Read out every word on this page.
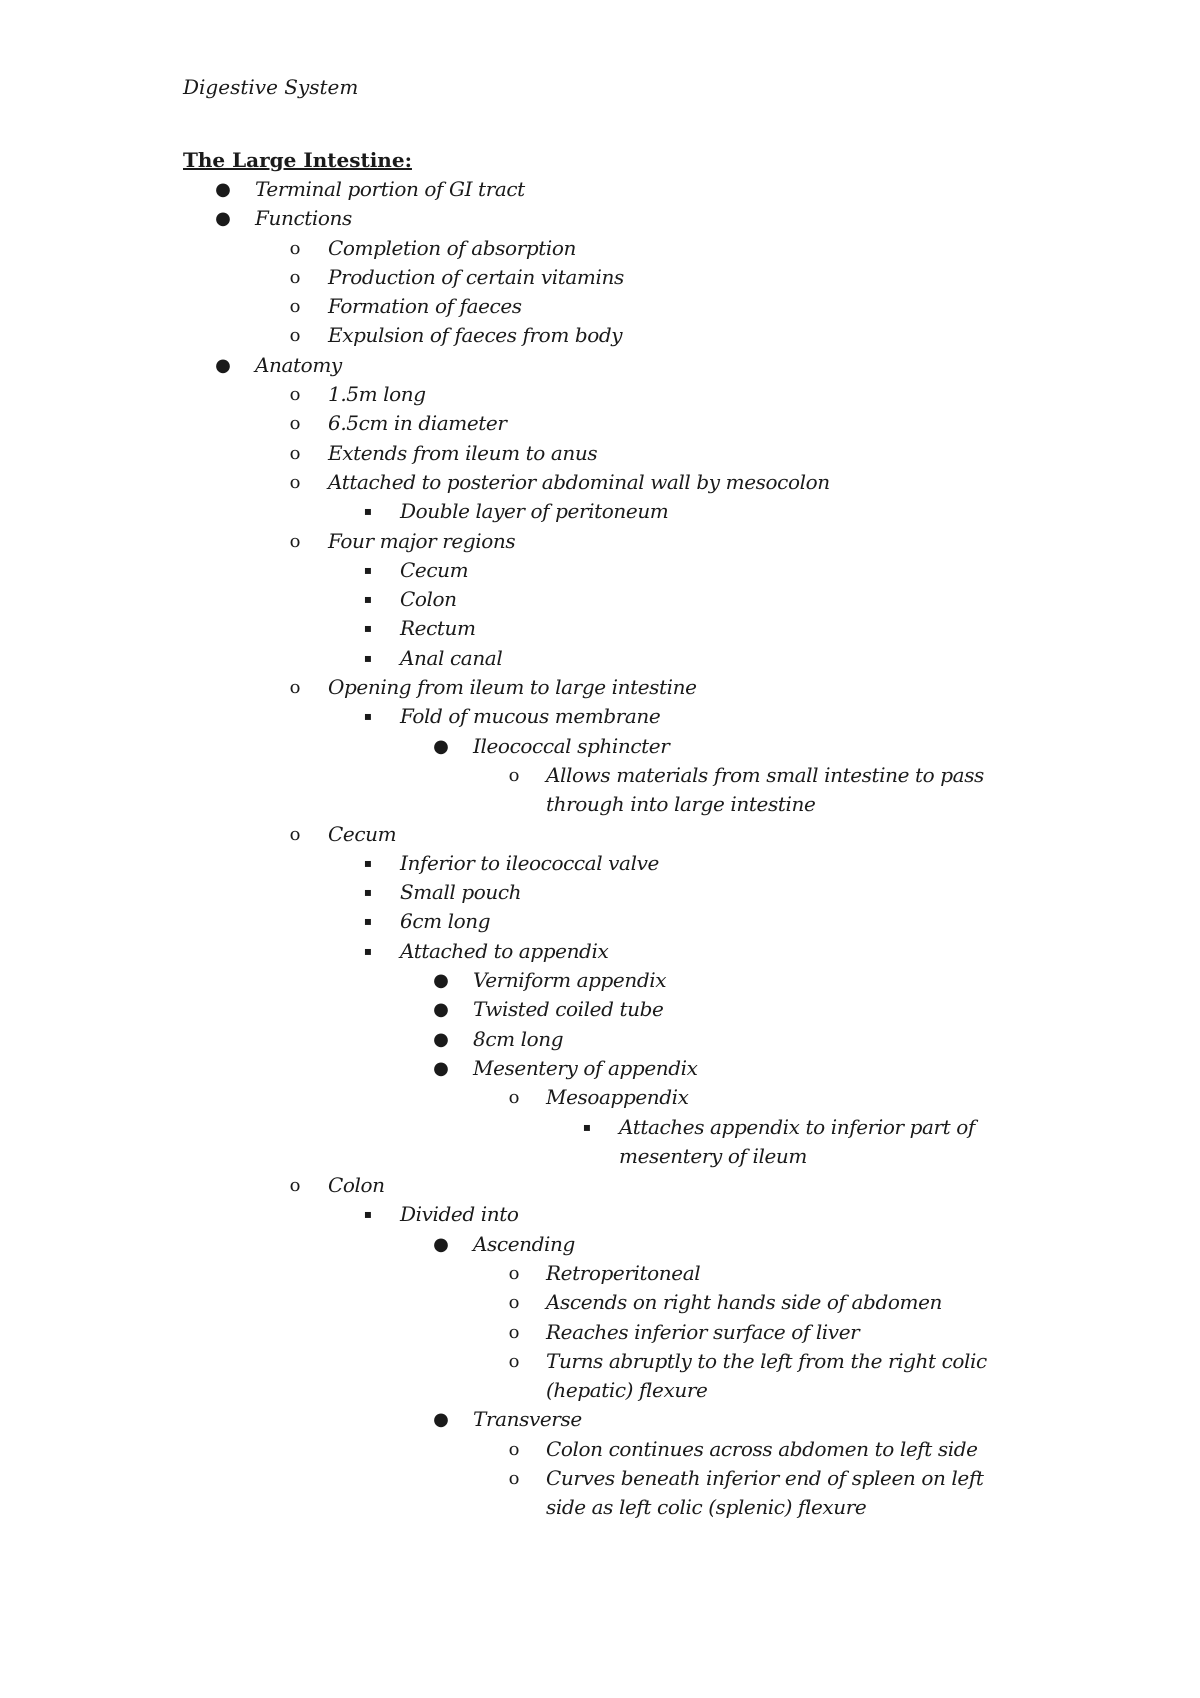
Digestive System
The Large Intestine:
● Terminal portion of GI tract
● Functions
o Completion of absorption
o Production of certain vitamins
o Formation of faeces
o Expulsion of faeces from body
● Anatomy
o 1.5m long
o 6.5cm in diameter
o Extends from ileum to anus
o Attached to posterior abdominal wall by mesocolon
▪ Double layer of peritoneum
o Four major regions
▪ Cecum
▪ Colon
▪ Rectum
▪ Anal canal
o Opening from ileum to large intestine
▪ Fold of mucous membrane
● Ileococcal sphincter
o Allows materials from small intestine to pass through into large intestine
o Cecum
▪ Inferior to ileococcal valve
▪ Small pouch
▪ 6cm long
▪ Attached to appendix
● Verniform appendix
● Twisted coiled tube
● 8cm long
● Mesentery of appendix
o Mesoappendix
▪ Attaches appendix to inferior part of mesentery of ileum
o Colon
▪ Divided into
● Ascending
o Retroperitoneal
o Ascends on right hands side of abdomen
o Reaches inferior surface of liver
o Turns abruptly to the left from the right colic (hepatic) flexure
● Transverse
o Colon continues across abdomen to left side
o Curves beneath inferior end of spleen on left side as left colic (splenic) flexure
